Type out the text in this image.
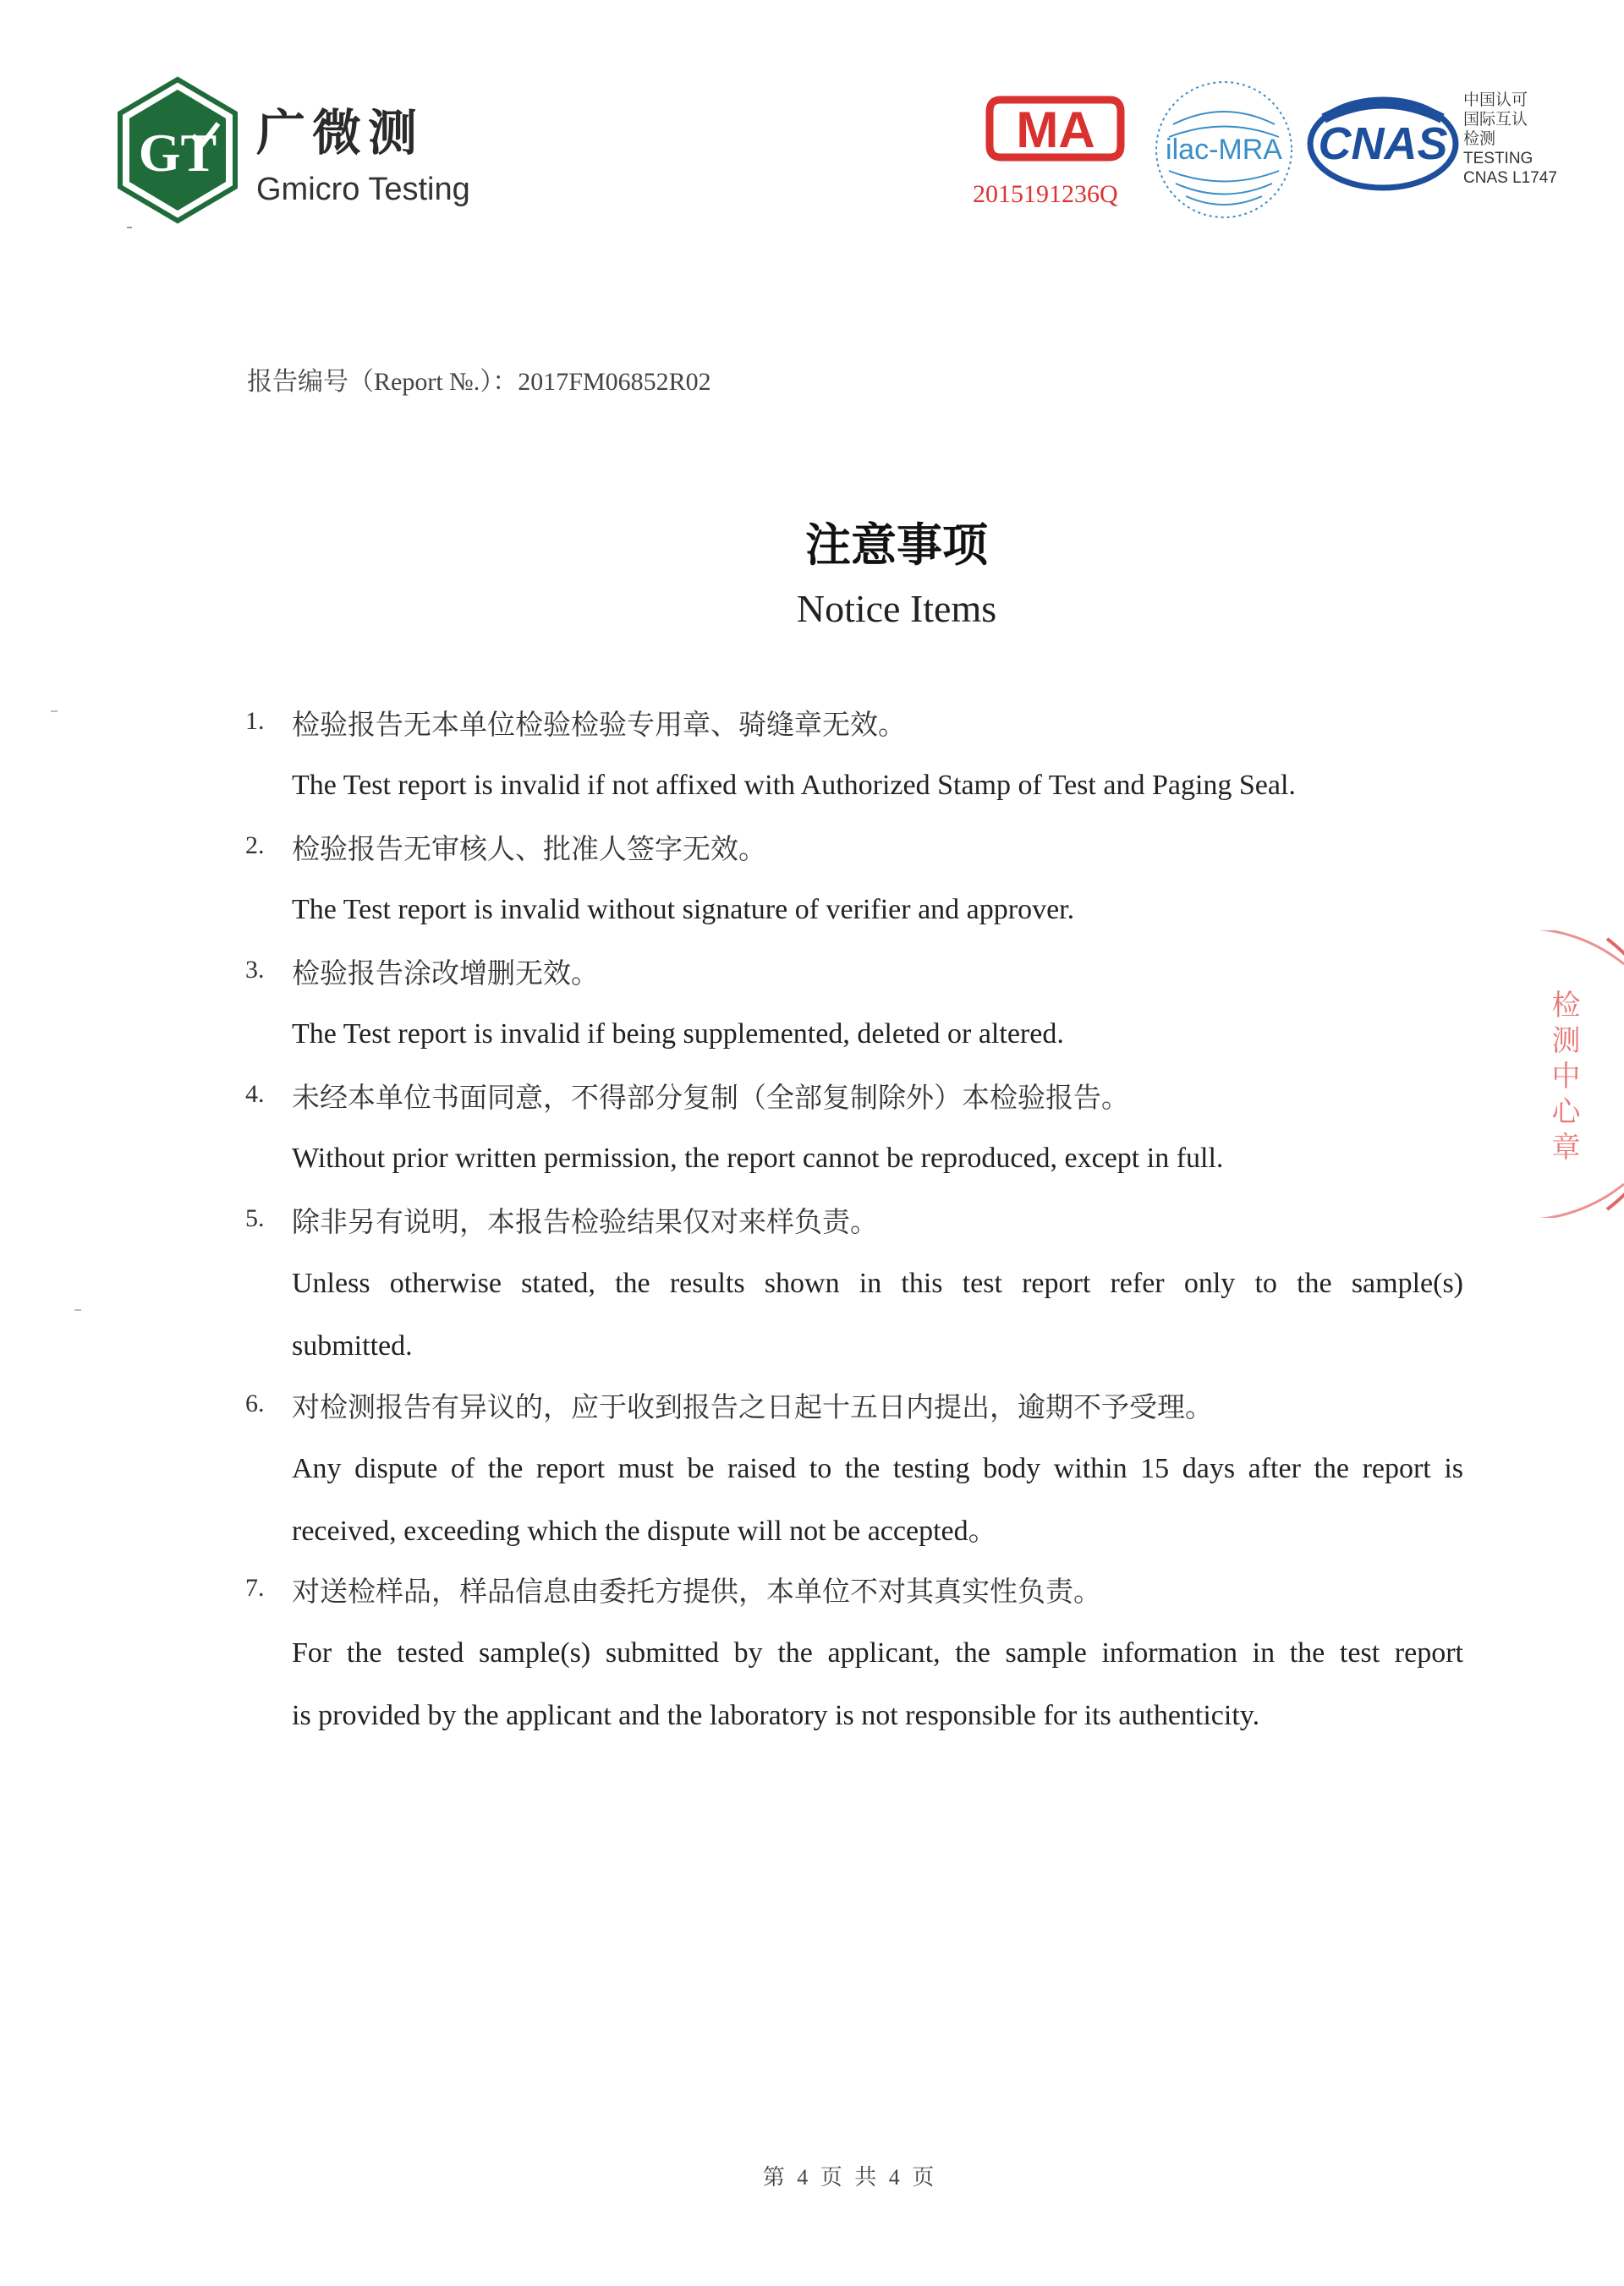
GT 广微测
Gmicro Testing
MA
2015191236Q
ilac-MRA CNAS
中国认可
国际互认
检测
TESTING
CNAS L1747
报告编号（Report №.）：2017FM06852R02
注意事项
Notice Items
1. 检验报告无本单位检验检验专用章、骑缝章无效。
The Test report is invalid if not affixed with Authorized Stamp of Test and Paging Seal.
2. 检验报告无审核人、批准人签字无效。
The Test report is invalid without signature of verifier and approver.
3. 检验报告涂改增删无效。
The Test report is invalid if being supplemented, deleted or altered.
4. 未经本单位书面同意，不得部分复制（全部复制除外）本检验报告。
Without prior written permission, the report cannot be reproduced, except in full.
5. 除非另有说明，本报告检验结果仅对来样负责。
Unless otherwise stated, the results shown in this test report refer only to the sample(s)
submitted.
6. 对检测报告有异议的，应于收到报告之日起十五日内提出，逾期不予受理。
Any dispute of the report must be raised to the testing body within 15 days after the report is
received, exceeding which the dispute will not be accepted。
7. 对送检样品，样品信息由委托方提供，本单位不对其真实性负责。
For the tested sample(s) submitted by the applicant, the sample information in the test report
is provided by the applicant and the laboratory is not responsible for its authenticity.
检测中心章
第 4 页 共 4 页
